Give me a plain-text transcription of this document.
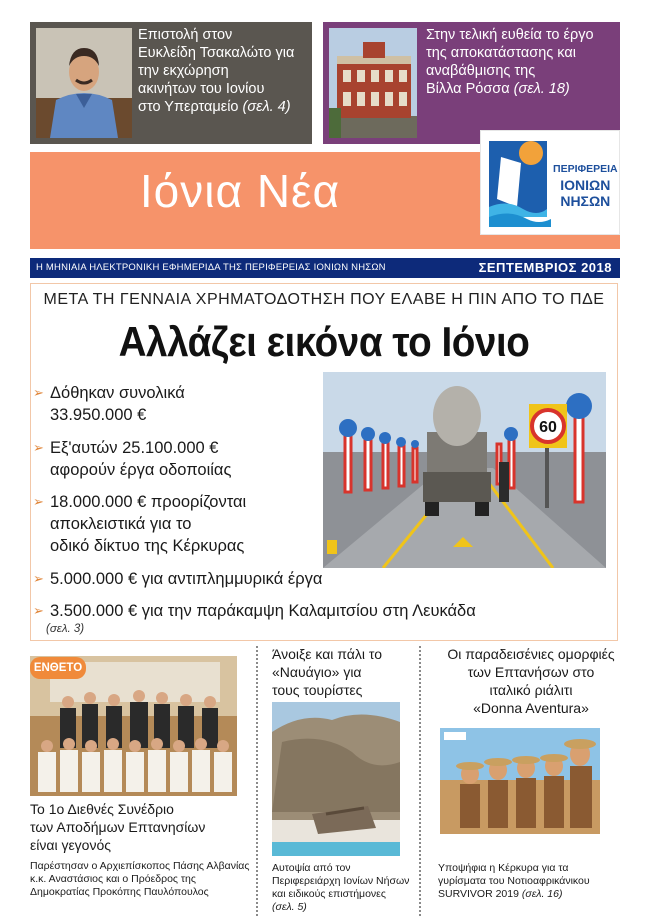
Επιστολή στον
Ευκλείδη Τσακαλώτο για
την εκχώρηση
ακινήτων του Ιονίου
στο Υπερταμείο (σελ. 4)
Στην τελική ευθεία το έργο
της αποκατάστασης και
αναβάθμισης της
Βίλλα Ρόσσα (σελ. 18)
Ιόνια Νέα	ΠΕΡΙΦΕΡΕΙΑ
ΙΟΝΙΩΝ
ΝΗΣΩΝ
Η ΜΗΝΙΑΙΑ ΗΛΕΚΤΡΟΝΙΚΗ ΕΦΗΜΕΡΙΔΑ ΤΗΣ ΠΕΡΙΦΕΡΕΙΑΣ ΙΟΝΙΩΝ ΝΗΣΩΝ	ΣΕΠΤΕΜΒΡΙΟΣ 2018
ΜΕΤΑ ΤΗ ΓΕΝΝΑΙΑ ΧΡΗΜΑΤΟΔΟΤΗΣΗ ΠΟΥ ΕΛΑΒΕ Η ΠΙΝ ΑΠΟ ΤΟ ΠΔΕ
Αλλάζει εικόνα το Ιόνιο
➢ Δόθηκαν συνολικά
33.950.000 €
➢ Εξ'αυτών 25.100.000 €
αφορούν έργα οδοποιίας
➢ 18.000.000 € προορίζονται
αποκλειστικά για το
οδικό δίκτυο της Κέρκυρας
➢ 5.000.000 € για αντιπλημμυρικά έργα
➢ 3.500.000 € για την παράκαμψη Καλαμιτσίου στη Λευκάδα
(σελ. 3)
60
ΕΝΘΕΤΟ
Το 1ο Διεθνές Συνέδριο
των Αποδήμων Επτανησίων
είναι γεγονός
Παρέστησαν ο Αρχιεπίσκοπος Πάσης Αλβανίας
κ.κ. Αναστάσιος και ο Πρόεδρος της
Δημοκρατίας Προκόπης Παυλόπουλος
Άνοιξε και πάλι το
«Ναυάγιο» για
τους τουρίστες
Αυτοψία από τον
Περιφερειάρχη Ιονίων Νήσων
και ειδικούς επιστήμονες
(σελ. 5)
Οι παραδεισένιες ομορφιές
των Επτανήσων στο
ιταλικό ριάλιτι
«Donna Aventura»
Υποψήφια η Κέρκυρα για τα
γυρίσματα του Νοτιοαφρικάνικου
SURVIVOR 2019 (σελ. 16)
